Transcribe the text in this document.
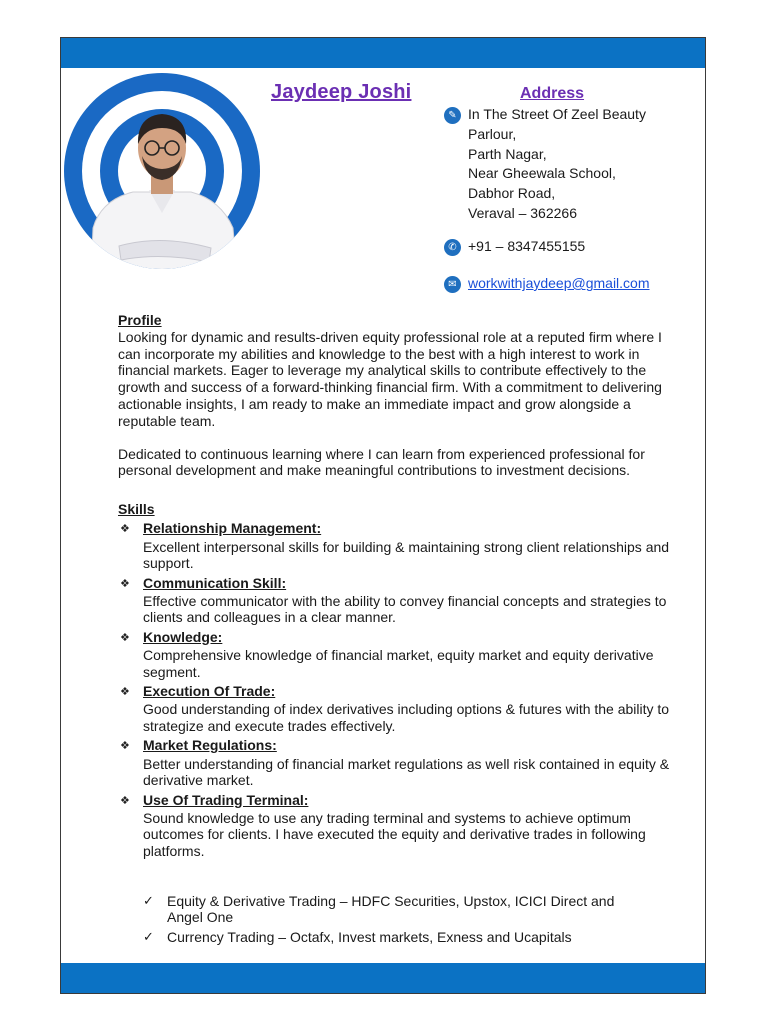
Jaydeep Joshi	Address
✎ In The Street Of Zeel Beauty
Parlour,
Parth Nagar,
Near Gheewala School,
Dabhor Road,
Veraval – 362266
✆ +91 – 8347455155
✉ workwithjaydeep@gmail.com
Profile

Looking for dynamic and results-driven equity professional role at a reputed firm where I can incorporate my abilities and knowledge to the best with a high interest to work in financial markets. Eager to leverage my analytical skills to contribute effectively to the growth and success of a forward-thinking financial firm. With a commitment to delivering actionable insights, I am ready to make an immediate impact and grow alongside a reputable team.

Dedicated to continuous learning where I can learn from experienced professional for personal development and make meaningful contributions to investment decisions.

Skills
❖ Relationship Management:
Excellent interpersonal skills for building & maintaining strong client relationships and support.
❖ Communication Skill:
Effective communicator with the ability to convey financial concepts and strategies to clients and colleagues in a clear manner.
❖ Knowledge:
Comprehensive knowledge of financial market, equity market and equity derivative segment.
❖ Execution Of Trade:
Good understanding of index derivatives including options & futures with the ability to strategize and execute trades effectively.
❖ Market Regulations:
Better understanding of financial market regulations as well risk contained in equity & derivative market.
❖ Use Of Trading Terminal:
Sound knowledge to use any trading terminal and systems to achieve optimum outcomes for clients. I have executed the equity and derivative trades in following platforms.
✓ Equity & Derivative Trading – HDFC Securities, Upstox, ICICI Direct and Angel One
✓ Currency Trading – Octafx, Invest markets, Exness and Ucapitals
